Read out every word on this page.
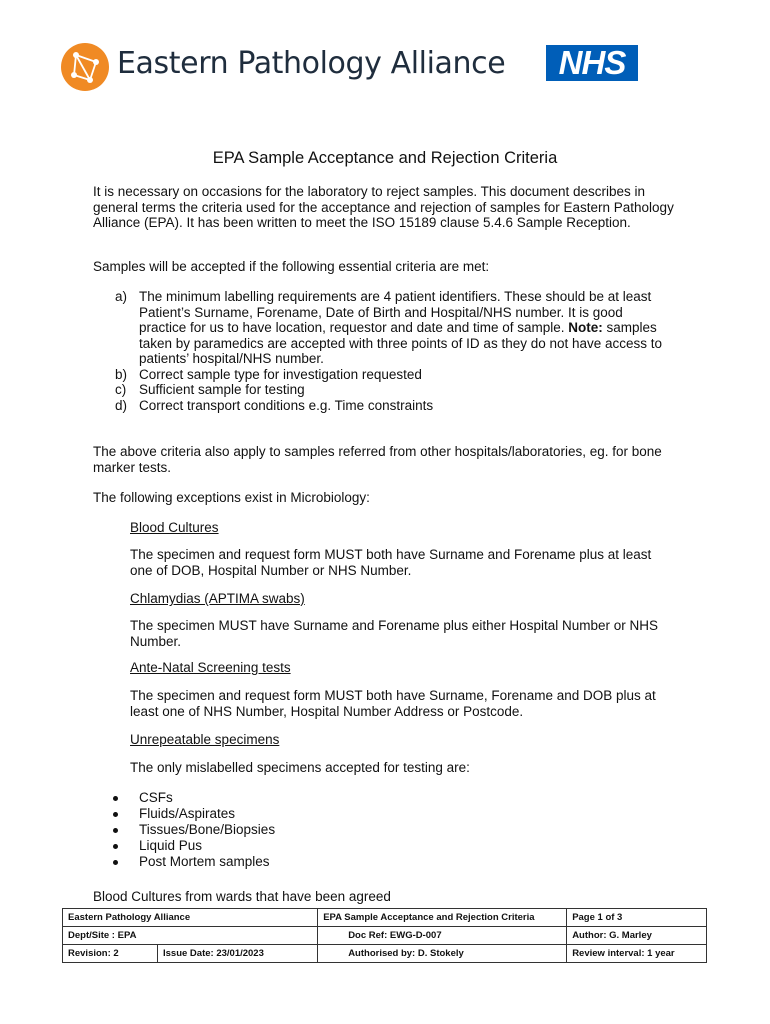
Eastern Pathology Alliance	NHS
EPA Sample Acceptance and Rejection Criteria
It is necessary on occasions for the laboratory to reject samples. This document describes in general terms the criteria used for the acceptance and rejection of samples for Eastern Pathology Alliance (EPA). It has been written to meet the ISO 15189 clause 5.4.6 Sample Reception.
Samples will be accepted if the following essential criteria are met:
a) The minimum labelling requirements are 4 patient identifiers. These should be at least Patient’s Surname, Forename, Date of Birth and Hospital/NHS number. It is good practice for us to have location, requestor and date and time of sample. Note: samples taken by paramedics are accepted with three points of ID as they do not have access to patients’ hospital/NHS number.
b) Correct sample type for investigation requested
c) Sufficient sample for testing
d) Correct transport conditions e.g. Time constraints
The above criteria also apply to samples referred from other hospitals/laboratories, eg. for bone marker tests.
The following exceptions exist in Microbiology:
Blood Cultures
The specimen and request form MUST both have Surname and Forename plus at least one of DOB, Hospital Number or NHS Number.
Chlamydias (APTIMA swabs)
The specimen MUST have Surname and Forename plus either Hospital Number or NHS Number.
Ante-Natal Screening tests
The specimen and request form MUST both have Surname, Forename and DOB plus at least one of NHS Number, Hospital Number Address or Postcode.
Unrepeatable specimens
The only mislabelled specimens accepted for testing are:
CSFs
Fluids/Aspirates
Tissues/Bone/Biopsies
Liquid Pus
Post Mortem samples
Blood Cultures from wards that have been agreed
Eastern Pathology Alliance		EPA Sample Acceptance and Rejection Criteria	Page 1 of 3
Dept/Site : EPA		Doc Ref: EWG-D-007	Author: G. Marley
Revision: 2	Issue Date: 23/01/2023	Authorised by: D. Stokely	Review interval: 1 year
